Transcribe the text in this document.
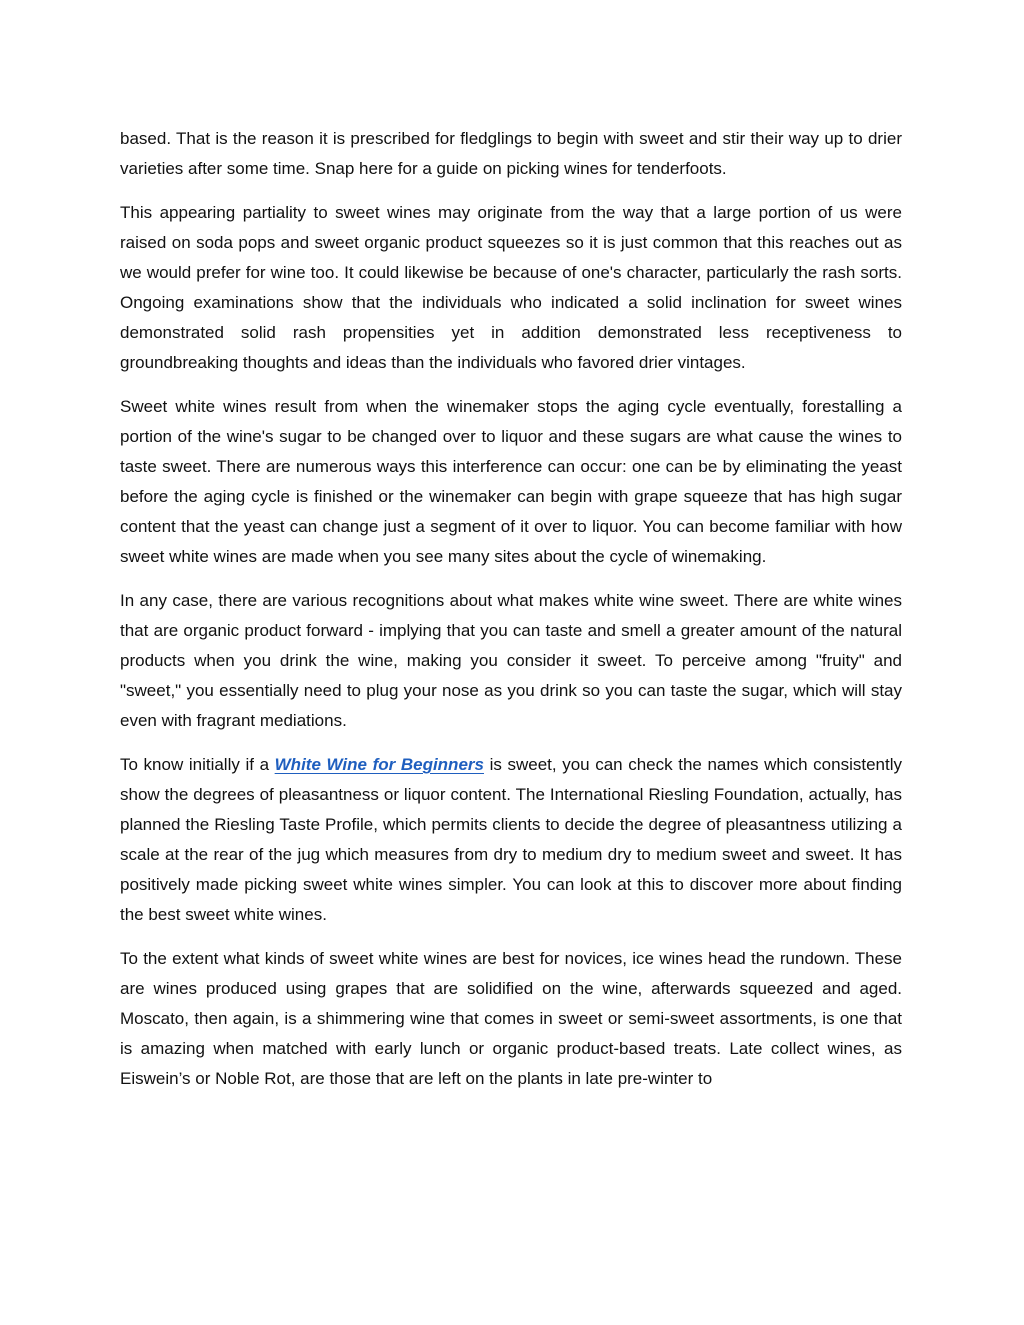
based. That is the reason it is prescribed for fledglings to begin with sweet and stir their way up to drier varieties after some time. Snap here for a guide on picking wines for tenderfoots.

This appearing partiality to sweet wines may originate from the way that a large portion of us were raised on soda pops and sweet organic product squeezes so it is just common that this reaches out as we would prefer for wine too. It could likewise be because of one's character, particularly the rash sorts. Ongoing examinations show that the individuals who indicated a solid inclination for sweet wines demonstrated solid rash propensities yet in addition demonstrated less receptiveness to groundbreaking thoughts and ideas than the individuals who favored drier vintages.

Sweet white wines result from when the winemaker stops the aging cycle eventually, forestalling a portion of the wine's sugar to be changed over to liquor and these sugars are what cause the wines to taste sweet. There are numerous ways this interference can occur: one can be by eliminating the yeast before the aging cycle is finished or the winemaker can begin with grape squeeze that has high sugar content that the yeast can change just a segment of it over to liquor. You can become familiar with how sweet white wines are made when you see many sites about the cycle of winemaking.

In any case, there are various recognitions about what makes white wine sweet. There are white wines that are organic product forward - implying that you can taste and smell a greater amount of the natural products when you drink the wine, making you consider it sweet. To perceive among "fruity" and "sweet," you essentially need to plug your nose as you drink so you can taste the sugar, which will stay even with fragrant mediations.

To know initially if a White Wine for Beginners is sweet, you can check the names which consistently show the degrees of pleasantness or liquor content. The International Riesling Foundation, actually, has planned the Riesling Taste Profile, which permits clients to decide the degree of pleasantness utilizing a scale at the rear of the jug which measures from dry to medium dry to medium sweet and sweet. It has positively made picking sweet white wines simpler. You can look at this to discover more about finding the best sweet white wines.

To the extent what kinds of sweet white wines are best for novices, ice wines head the rundown. These are wines produced using grapes that are solidified on the wine, afterwards squeezed and aged. Moscato, then again, is a shimmering wine that comes in sweet or semi-sweet assortments, is one that is amazing when matched with early lunch or organic product-based treats. Late collect wines, as Eiswein’s or Noble Rot, are those that are left on the plants in late pre-winter to
